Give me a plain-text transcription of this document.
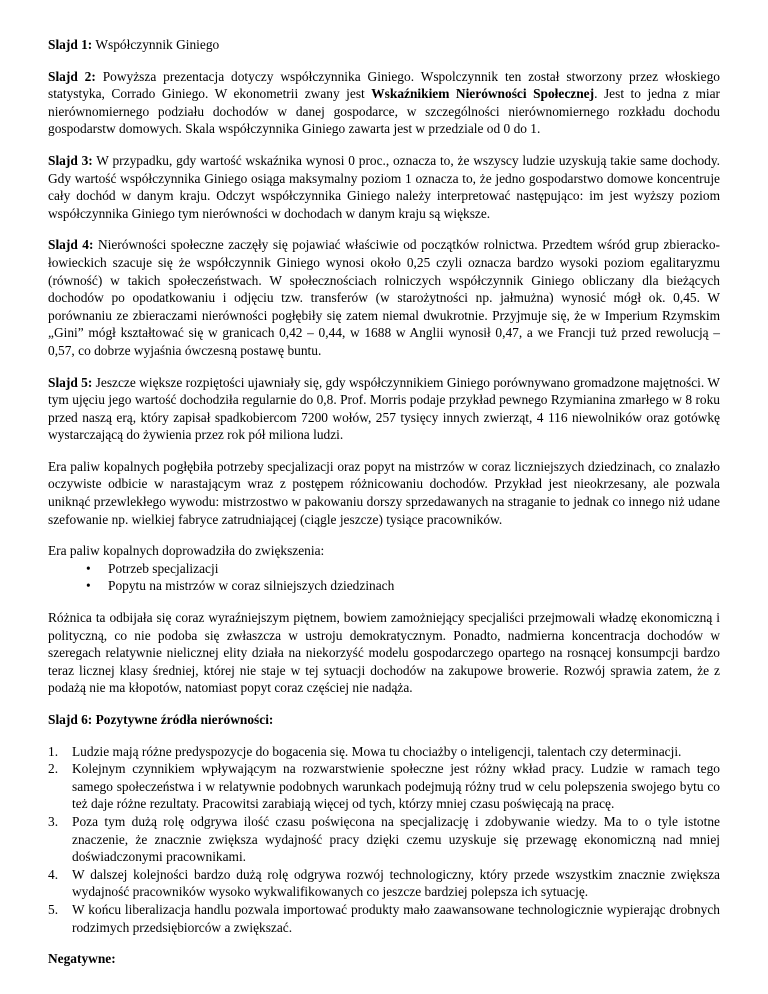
Slajd 1: Współczynnik Giniego

Slajd 2: Powyższa prezentacja dotyczy współczynnika Giniego. Wspolczynnik ten został stworzony przez włoskiego statystyka, Corrado Giniego. W ekonometrii zwany jest Wskaźnikiem Nierówności Społecznej. Jest to jedna z miar nierównomiernego podziału dochodów w danej gospodarce, w szczególności nierównomiernego rozkładu dochodu gospodarstw domowych. Skala współczynnika Giniego zawarta jest w przedziale od 0 do 1.

Slajd 3: W przypadku, gdy wartość wskaźnika wynosi 0 proc., oznacza to, że wszyscy ludzie uzyskują takie same dochody. Gdy wartość współczynnika Giniego osiąga maksymalny poziom 1 oznacza to, że jedno gospodarstwo domowe koncentruje cały dochód w danym kraju. Odczyt współczynnika Giniego należy interpretować następująco: im jest wyższy poziom współczynnika Giniego tym nierówności w dochodach w danym kraju są większe.

Slajd 4: Nierówności społeczne zaczęły się pojawiać właściwie od początków rolnictwa. Przedtem wśród grup zbieracko-łowieckich szacuje się że współczynnik Giniego wynosi około 0,25 czyli oznacza bardzo wysoki poziom egalitaryzmu (równość) w takich społeczeństwach. W społecznościach rolniczych współczynnik Giniego obliczany dla bieżących dochodów po opodatkowaniu i odjęciu tzw. transferów (w starożytności np. jałmużna) wynosić mógł ok. 0,45. W porównaniu ze zbieraczami nierówności pogłębiły się zatem niemal dwukrotnie. Przyjmuje się, że w Imperium Rzymskim „Gini” mógł kształtować się w granicach 0,42 – 0,44, w 1688 w Anglii wynosił 0,47, a we Francji tuż przed rewolucją – 0,57, co dobrze wyjaśnia ówczesną postawę buntu.

Slajd 5: Jeszcze większe rozpiętości ujawniały się, gdy współczynnikiem Giniego porównywano gromadzone majętności. W tym ujęciu jego wartość dochodziła regularnie do 0,8. Prof. Morris podaje przykład pewnego Rzymianina zmarłego w 8 roku przed naszą erą, który zapisał spadkobiercom 7200 wołów, 257 tysięcy innych zwierząt, 4 116 niewolników oraz gotówkę wystarczającą do żywienia przez rok pół miliona ludzi.

Era paliw kopalnych pogłębiła potrzeby specjalizacji oraz popyt na mistrzów w coraz liczniejszych dziedzinach, co znalazło oczywiste odbicie w narastającym wraz z postępem różnicowaniu dochodów. Przykład jest nieokrzesany, ale pozwala uniknąć przewlekłego wywodu: mistrzostwo w pakowaniu dorszy sprzedawanych na straganie to jednak co innego niż udane szefowanie np. wielkiej fabryce zatrudniającej (ciągle jeszcze) tysiące pracowników.

Era paliw kopalnych doprowadziła do zwiększenia:

• Potrzeb specjalizacji
• Popytu na mistrzów w coraz silniejszych dziedzinach

Różnica ta odbijała się coraz wyraźniejszym piętnem, bowiem zamożniejący specjaliści przejmowali władzę ekonomiczną i polityczną, co nie podoba się zwłaszcza w ustroju demokratycznym. Ponadto, nadmierna koncentracja dochodów w szeregach relatywnie nielicznej elity działa na niekorzyść modelu gospodarczego opartego na rosnącej konsumpcji bardzo teraz licznej klasy średniej, której nie staje w tej sytuacji dochodów na zakupowe browerie. Rozwój sprawia zatem, że z podażą nie ma kłopotów, natomiast popyt coraz częściej nie nadąża.

Slajd 6: Pozytywne źródła nierówności:

1. Ludzie mają różne predyspozycje do bogacenia się. Mowa tu chociażby o inteligencji, talentach czy determinacji.
2. Kolejnym czynnikiem wpływającym na rozwarstwienie społeczne jest różny wkład pracy. Ludzie w ramach tego samego społeczeństwa i w relatywnie podobnych warunkach podejmują różny trud w celu polepszenia swojego bytu co też daje różne rezultaty. Pracowitsi zarabiają więcej od tych, którzy mniej czasu poświęcają na pracę.
3. Poza tym dużą rolę odgrywa ilość czasu poświęcona na specjalizację i zdobywanie wiedzy. Ma to o tyle istotne znaczenie, że znacznie zwiększa wydajność pracy dzięki czemu uzyskuje się przewagę ekonomiczną nad mniej doświadczonymi pracownikami.
4. W dalszej kolejności bardzo dużą rolę odgrywa rozwój technologiczny, który przede wszystkim znacznie zwiększa wydajność pracowników wysoko wykwalifikowanych co jeszcze bardziej polepsza ich sytuację.
5. W końcu liberalizacja handlu pozwala importować produkty mało zaawansowane technologicznie wypierając drobnych rodzimych przedsiębiorców a zwiększać.

Negatywne:
